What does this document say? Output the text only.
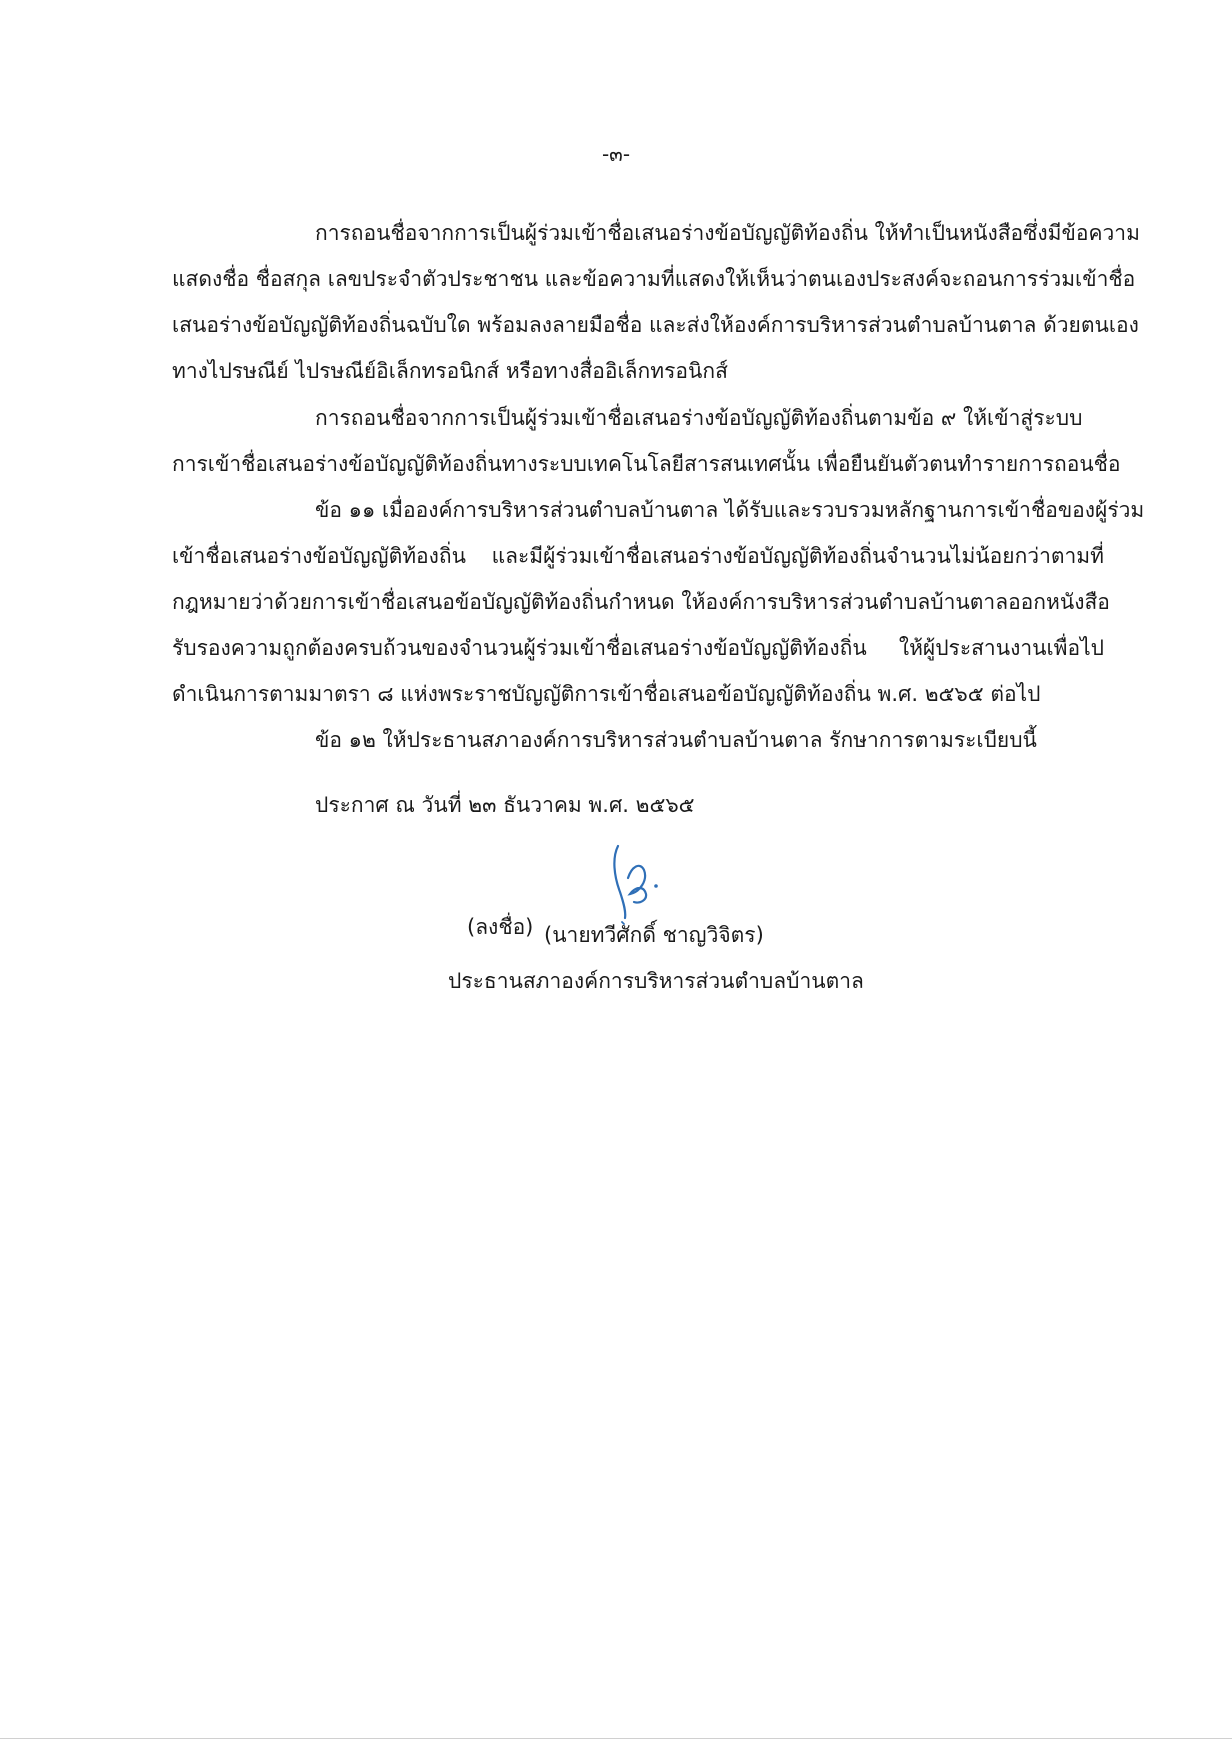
-๓-
การถอนชื่อจากการเป็นผู้ร่วมเข้าชื่อเสนอร่างข้อบัญญัติท้องถิ่น ให้ทำเป็นหนังสือซึ่งมีข้อความ
แสดงชื่อ ชื่อสกุล เลขประจำตัวประชาชน และข้อความที่แสดงให้เห็นว่าตนเองประสงค์จะถอนการร่วมเข้าชื่อ
เสนอร่างข้อบัญญัติท้องถิ่นฉบับใด พร้อมลงลายมือชื่อ และส่งให้องค์การบริหารส่วนตำบลบ้านตาล ด้วยตนเอง
ทางไปรษณีย์ ไปรษณีย์อิเล็กทรอนิกส์ หรือทางสื่ออิเล็กทรอนิกส์
การถอนชื่อจากการเป็นผู้ร่วมเข้าชื่อเสนอร่างข้อบัญญัติท้องถิ่นตามข้อ ๙ ให้เข้าสู่ระบบ
การเข้าชื่อเสนอร่างข้อบัญญัติท้องถิ่นทางระบบเทคโนโลยีสารสนเทศนั้น เพื่อยืนยันตัวตนทำรายการถอนชื่อ
ข้อ ๑๑ เมื่อองค์การบริหารส่วนตำบลบ้านตาล ได้รับและรวบรวมหลักฐานการเข้าชื่อของผู้ร่วม
เข้าชื่อเสนอร่างข้อบัญญัติท้องถิ่น และมีผู้ร่วมเข้าชื่อเสนอร่างข้อบัญญัติท้องถิ่นจำนวนไม่น้อยกว่าตามที่
กฎหมายว่าด้วยการเข้าชื่อเสนอข้อบัญญัติท้องถิ่นกำหนด ให้องค์การบริหารส่วนตำบลบ้านตาลออกหนังสือ
รับรองความถูกต้องครบถ้วนของจำนวนผู้ร่วมเข้าชื่อเสนอร่างข้อบัญญัติท้องถิ่น ให้ผู้ประสานงานเพื่อไป
ดำเนินการตามมาตรา ๘ แห่งพระราชบัญญัติการเข้าชื่อเสนอข้อบัญญัติท้องถิ่น พ.ศ. ๒๕๖๕ ต่อไป
ข้อ ๑๒ ให้ประธานสภาองค์การบริหารส่วนตำบลบ้านตาล รักษาการตามระเบียบนี้
ประกาศ ณ วันที่ ๒๓ ธันวาคม พ.ศ. ๒๕๖๕
(ลงชื่อ) (นายทวีศักดิ์ ชาญวิจิตร)
ประธานสภาองค์การบริหารส่วนตำบลบ้านตาล
